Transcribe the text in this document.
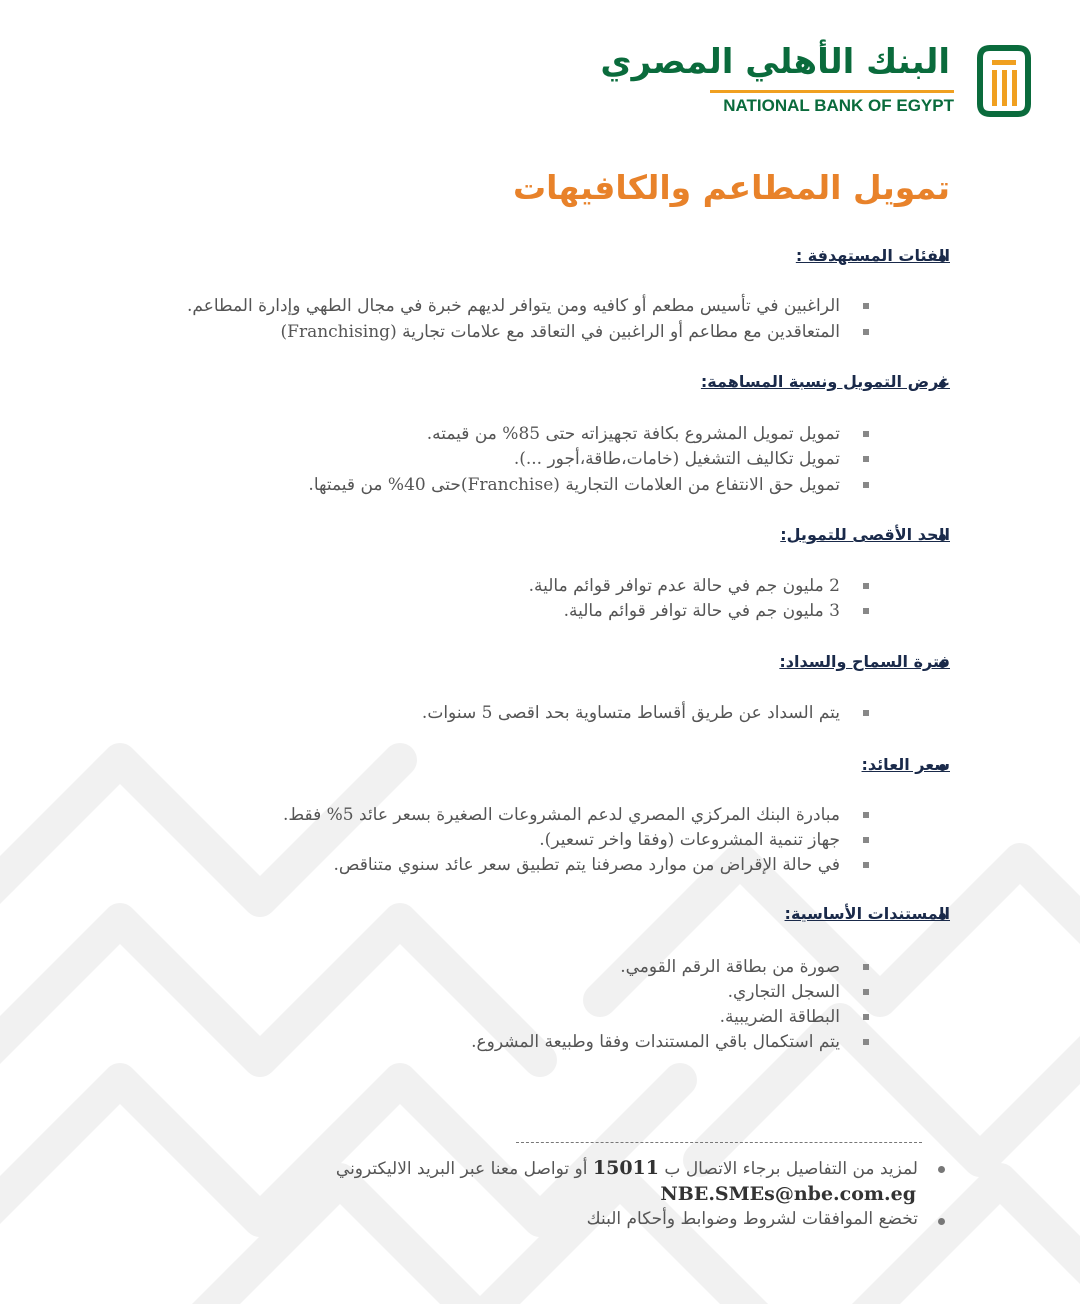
البنك الأهلي المصري
NATIONAL BANK OF EGYPT
تمويل المطاعم والكافيهات
الفئات المستهدفة :
الراغبين في تأسيس مطعم أو كافيه ومن يتوافر لديهم خبرة في مجال الطهي وإدارة المطاعم.
المتعاقدين مع مطاعم أو الراغبين في التعاقد مع علامات تجارية (Franchising)
غرض التمويل ونسبة المساهمة:
تمويل تمويل المشروع بكافة تجهيزاته حتى 85% من قيمته.
تمويل تكاليف التشغيل (خامات،طاقة،أجور ...).
تمويل حق الانتفاع من العلامات التجارية (Franchise)حتى 40% من قيمتها.
الحد الأقصى للتمويل:
2 مليون جم في حالة عدم توافر قوائم مالية.
3 مليون جم في حالة توافر قوائم مالية.
فترة السماح والسداد:
يتم السداد عن طريق أقساط متساوية بحد اقصى 5 سنوات.
سعر العائد:
مبادرة البنك المركزي المصري لدعم المشروعات الصغيرة بسعر عائد 5% فقط.
جهاز تنمية المشروعات (وفقا واخر تسعير).
في حالة الإقراض من موارد مصرفنا يتم تطبيق سعر عائد سنوي متناقص.
المستندات الأساسية:
صورة من بطاقة الرقم القومي.
السجل التجاري.
البطاقة الضريبية.
يتم استكمال باقي المستندات وفقا وطبيعة المشروع.
لمزيد من التفاصيل برجاء الاتصال ب 15011 أو تواصل معنا عبر البريد الاليكتروني
NBE.SMEs@nbe.com.eg
تخضع الموافقات لشروط وضوابط وأحكام البنك
